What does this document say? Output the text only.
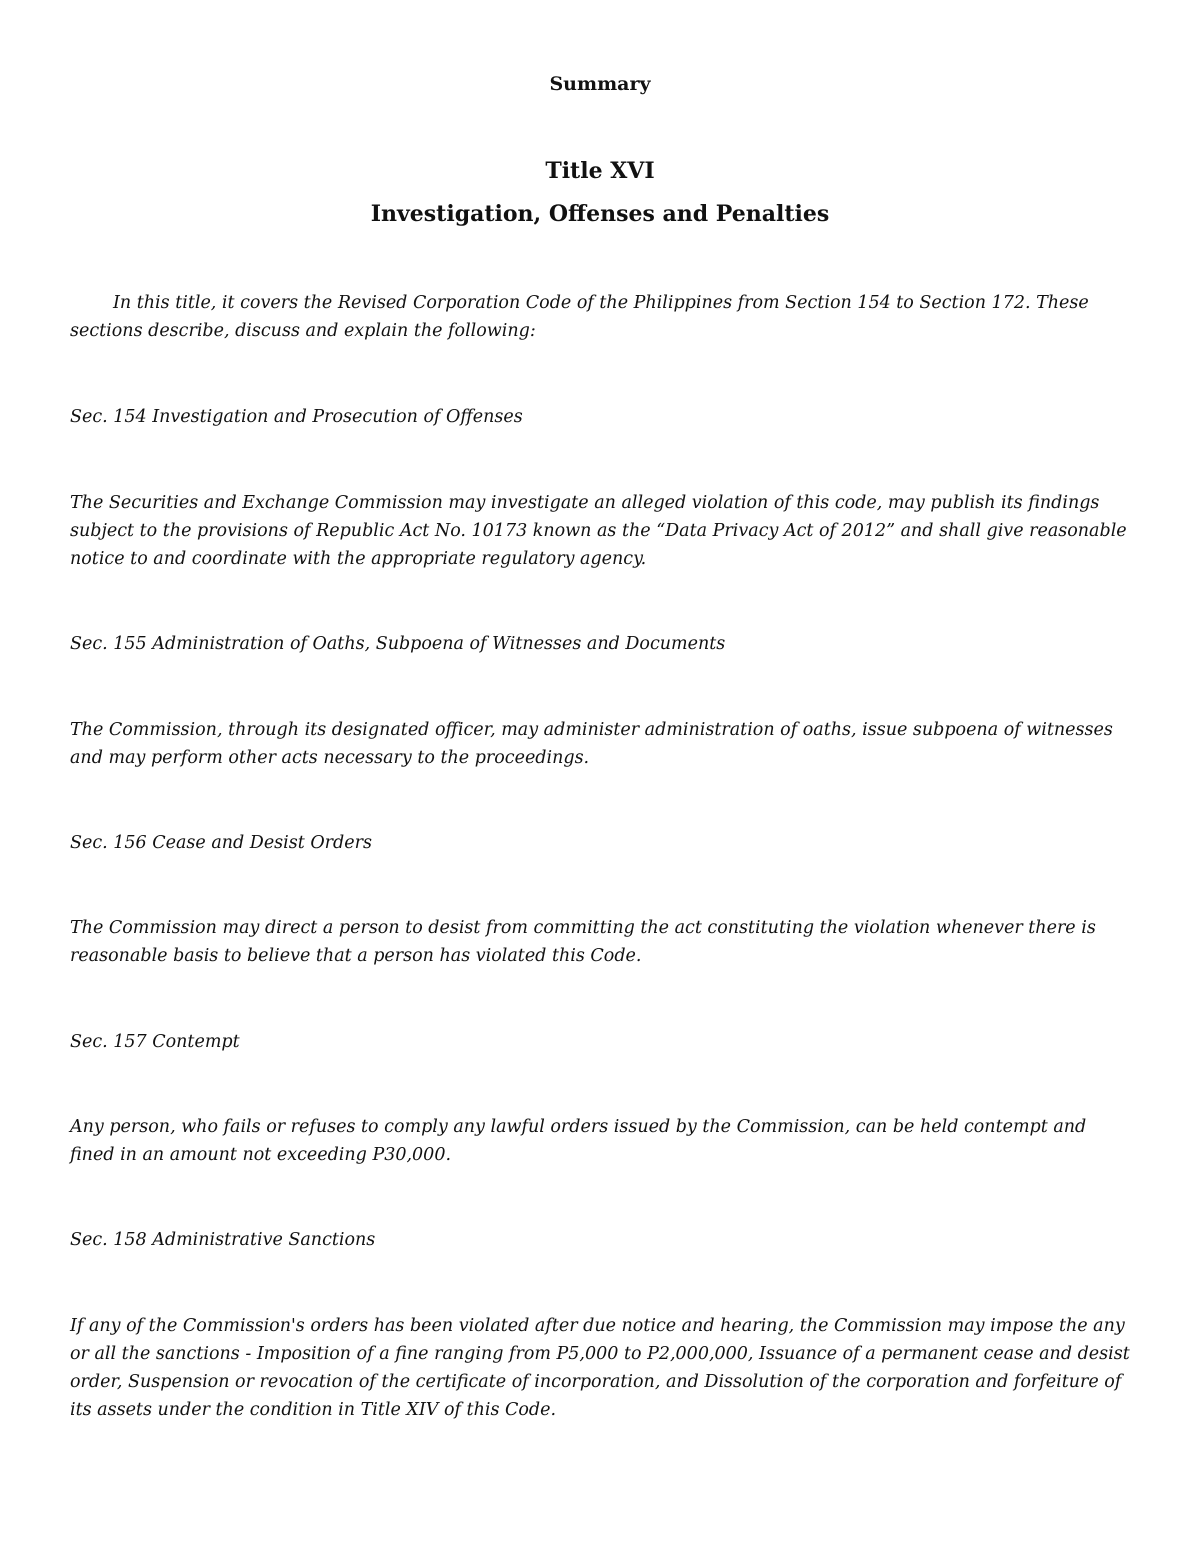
Summary
Title XVI
Investigation, Offenses and Penalties

In this title, it covers the Revised Corporation Code of the Philippines from Section 154 to Section 172. These sections describe, discuss and explain the following:

Sec. 154 Investigation and Prosecution of Offenses

The Securities and Exchange Commission may investigate an alleged violation of this code, may publish its findings subject to the provisions of Republic Act No. 10173 known as the “Data Privacy Act of 2012” and shall give reasonable notice to and coordinate with the appropriate regulatory agency.

Sec. 155 Administration of Oaths, Subpoena of Witnesses and Documents

The Commission, through its designated officer, may administer administration of oaths, issue subpoena of witnesses and may perform other acts necessary to the proceedings.

Sec. 156 Cease and Desist Orders

The Commission may direct a person to desist from committing the act constituting the violation whenever there is reasonable basis to believe that a person has violated this Code.

Sec. 157 Contempt

Any person, who fails or refuses to comply any lawful orders issued by the Commission, can be held contempt and fined in an amount not exceeding P30,000.

Sec. 158 Administrative Sanctions

If any of the Commission's orders has been violated after due notice and hearing, the Commission may impose the any or all the sanctions - Imposition of a fine ranging from P5,000 to P2,000,000, Issuance of a permanent cease and desist order, Suspension or revocation of the certificate of incorporation, and Dissolution of the corporation and forfeiture of its assets under the condition in Title XIV of this Code.
